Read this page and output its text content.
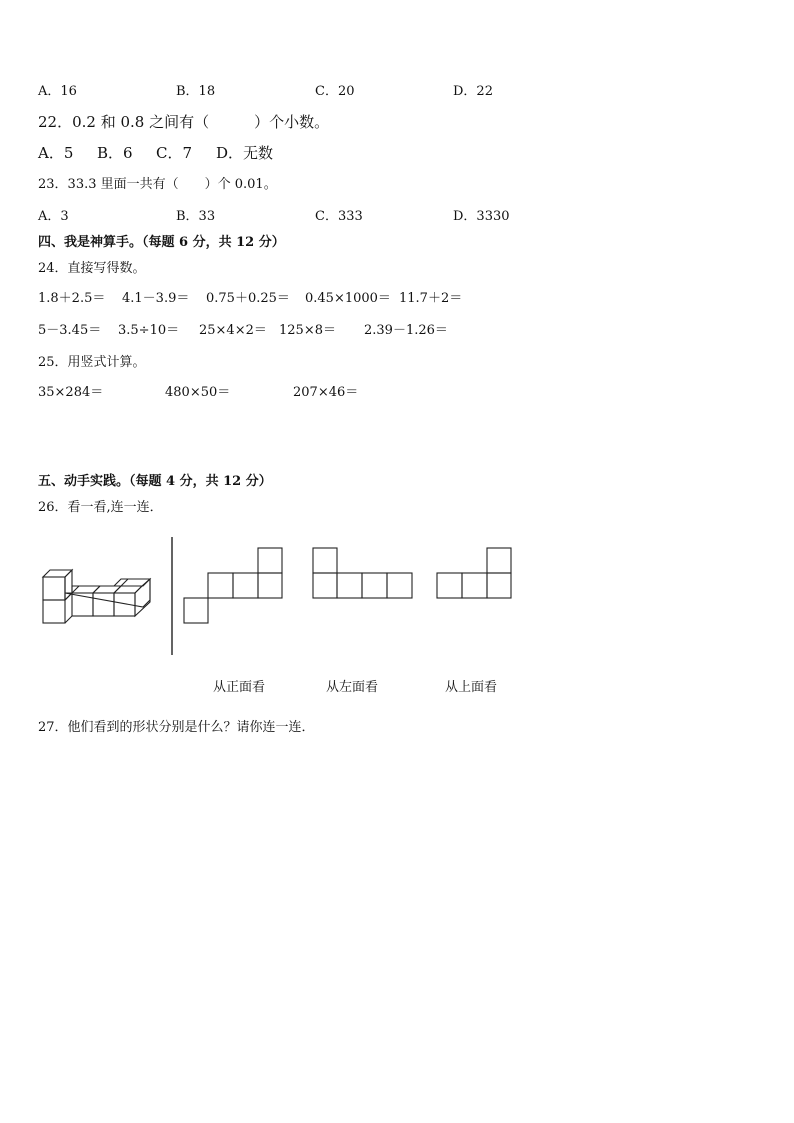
A．16	B．18	C．20	D．22
22．0.2 和 0.8 之间有（　　　）个小数。
A．5 B．6 C．7 D．无数
23．33.3 里面一共有（　　）个 0.01。
A．3	B．33	C．333	D．3330
四、我是神算手。（每题 6 分，共 12 分）
24．直接写得数。
1.8＋2.5＝ 4.1－3.9＝ 0.75＋0.25＝ 0.45×1000＝ 11.7＋2＝
5－3.45＝ 3.5÷10＝ 25×4×2＝ 125×8＝ 2.39－1.26＝
25．用竖式计算。
35×284＝	480×50＝	207×46＝
五、动手实践。（每题 4 分，共 12 分）
26．看一看,连一连．
从正面看	从左面看	从上面看
27．他们看到的形状分别是什么？请你连一连．
